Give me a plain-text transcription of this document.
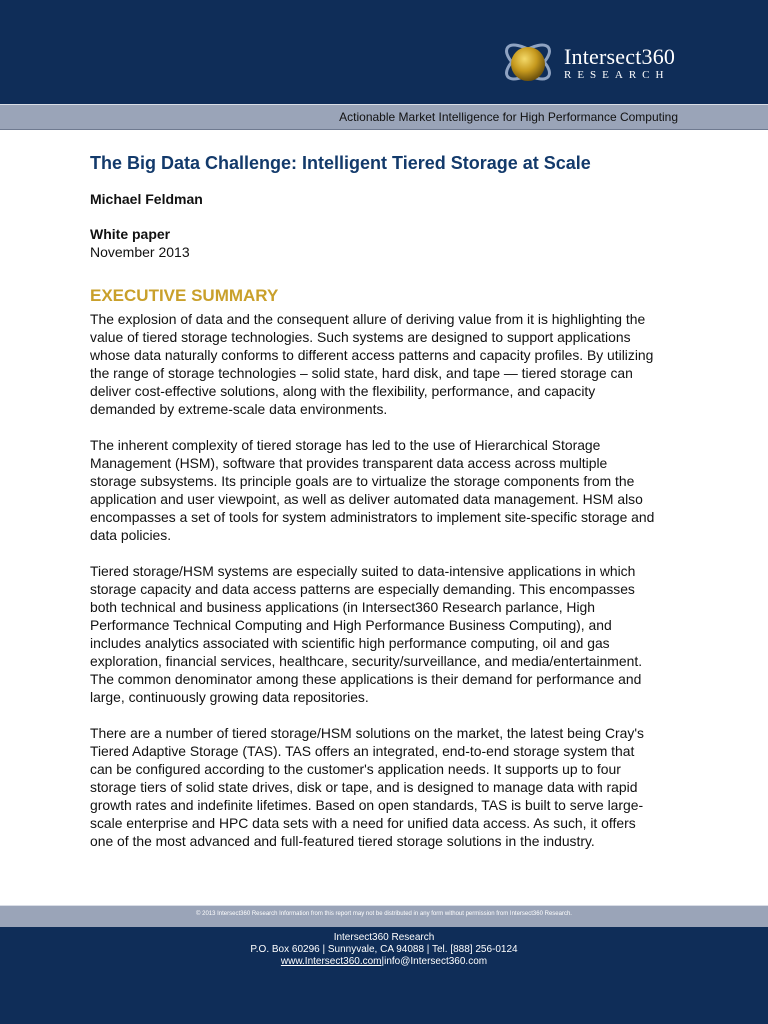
Intersect360
RESEARCH
Actionable Market Intelligence for High Performance Computing
The Big Data Challenge: Intelligent Tiered Storage at Scale
Michael Feldman
White paper
November 2013
EXECUTIVE SUMMARY

The explosion of data and the consequent allure of deriving value from it is highlighting the
value of tiered storage technologies. Such systems are designed to support applications
whose data naturally conforms to different access patterns and capacity profiles. By utilizing
the range of storage technologies – solid state, hard disk, and tape — tiered storage can
deliver cost-effective solutions, along with the flexibility, performance, and capacity
demanded by extreme-scale data environments.

The inherent complexity of tiered storage has led to the use of Hierarchical Storage
Management (HSM), software that provides transparent data access across multiple
storage subsystems. Its principle goals are to virtualize the storage components from the
application and user viewpoint, as well as deliver automated data management. HSM also
encompasses a set of tools for system administrators to implement site-specific storage and
data policies.

Tiered storage/HSM systems are especially suited to data-intensive applications in which
storage capacity and data access patterns are especially demanding. This encompasses
both technical and business applications (in Intersect360 Research parlance, High
Performance Technical Computing and High Performance Business Computing), and
includes analytics associated with scientific high performance computing, oil and gas
exploration, financial services, healthcare, security/surveillance, and media/entertainment.
The common denominator among these applications is their demand for performance and
large, continuously growing data repositories.

There are a number of tiered storage/HSM solutions on the market, the latest being Cray's
Tiered Adaptive Storage (TAS). TAS offers an integrated, end-to-end storage system that
can be configured according to the customer's application needs. It supports up to four
storage tiers of solid state drives, disk or tape, and is designed to manage data with rapid
growth rates and indefinite lifetimes. Based on open standards, TAS is built to serve large-
scale enterprise and HPC data sets with a need for unified data access. As such, it offers
one of the most advanced and full-featured tiered storage solutions in the industry.

© 2013 Intersect360 Research Information from this report may not be distributed in any form without permission from Intersect360 Research.
Intersect360 Research
P.O. Box 60296 | Sunnyvale, CA 94088 | Tel. [888] 256-0124
www.Intersect360.com|info@Intersect360.com
